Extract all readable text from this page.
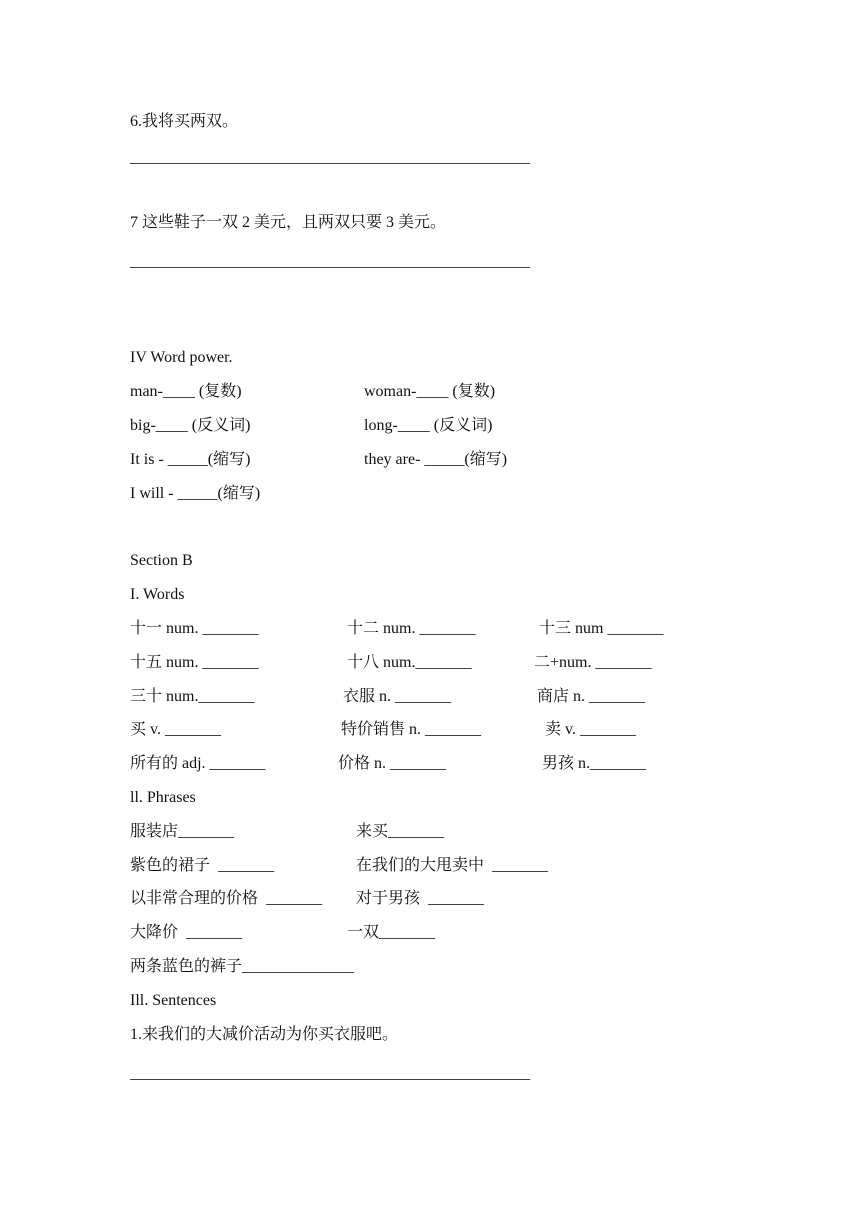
6.我将买两双。
__________________________________________________
7 这些鞋子一双 2 美元，且两双只要 3 美元。
__________________________________________________
IV Word power.
man-____ (复数)	woman-____ (复数)
big-____ (反义词)	long-____ (反义词)
It is - _____(缩写)	they are- _____(缩写)
I will - _____(缩写)
Section B
I. Words
十一 num. _______	十二 num. _______	十三 num _______
十五 num. _______	十八 num._______	二+num. _______
三十 num._______	衣服 n. _______	商店 n. _______
买 v. _______	特价销售 n. _______	卖 v. _______
所有的 adj. _______	价格 n. _______	男孩 n._______
ll. Phrases
服装店_______	来买_______
紫色的裙子  _______	在我们的大甩卖中  _______
以非常合理的价格  _______ 对于男孩  _______
大降价  _______	一双_______
两条蓝色的裤子______________
Ill. Sentences
1.来我们的大减价活动为你买衣服吧。
__________________________________________________
